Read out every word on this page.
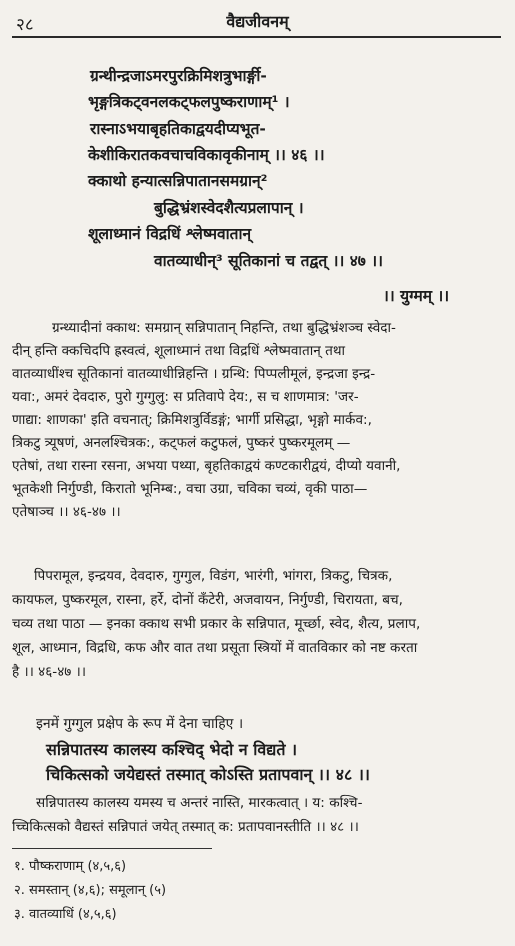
२८	वैद्यजीवनम्
ग्रन्थीन्द्रजाऽमरपुरक्रिमिशत्रुभार्ङ्गी-
भृङ्गत्रिकट्वनलकट्फलपुष्कराणाम्¹ ।
रास्नाऽभयाबृहतिकाद्वयदीप्यभूत-
केशीकिरातकवचाचविकावृकीनाम् ।। ४६ ।।
क्काथो हन्यात्सन्निपातानसमग्रान्²
बुद्धिभ्रंशस्वेदशैत्यप्रलापान् ।
शूलाध्मानं विद्रधिं श्लेष्मवातान्
वातव्याधीन्³ सूतिकानां च तद्वत् ।। ४७ ।।
।। युग्मम् ।।
ग्रन्थ्यादीनां क्काथ: समग्रान् सन्निपातान् निहन्ति, तथा बुद्धिभ्रंशञ्च स्वेदा-
दीन् हन्ति क्कचिदपि ह्रस्वत्वं, शूलाध्मानं तथा विद्रधिं श्लेष्मवातान् तथा
वातव्याधींश्च सूतिकानां वातव्याधीन्निहन्ति । ग्रन्थि: पिप्पलीमूलं, इन्द्रजा इन्द्र-
यवा:, अमरं देवदारु, पुरो गुग्गुलु: स प्रतिवापे देय:, स च शाणमात्र: 'जर-
णाद्या: शाणका' इति वचनात्; क्रिमिशत्रुर्विडङ्गं; भार्गी प्रसिद्धा, भृङ्गो मार्कव:,
त्रिकटु त्र्यूषणं, अनलश्चित्रक:, कट्फलं कटुफलं, पुष्करं पुष्करमूलम् —
एतेषां, तथा रास्ना रसना, अभया पथ्या, बृहतिकाद्वयं कण्टकारीद्वयं, दीप्यो यवानी,
भूतकेशी निर्गुण्डी, किरातो भूनिम्ब:, वचा उग्रा, चविका चव्यं, वृकी पाठा—
एतेषाञ्च ।। ४६-४७ ।।
पिपरामूल, इन्द्रयव, देवदारु, गुग्गुल, विडंग, भारंगी, भांगरा, त्रिकटु, चित्रक,
कायफल, पुष्करमूल, रास्ना, हर्रे, दोनों कँटेरी, अजवायन, निर्गुण्डी, चिरायता, बच,
चव्य तथा पाठा — इनका क्काथ सभी प्रकार के सन्निपात, मूर्च्छा, स्वेद, शैत्य, प्रलाप,
शूल, आध्मान, विद्रधि, कफ और वात तथा प्रसूता स्त्रियों में वातविकार को नष्ट करता
है ।। ४६-४७ ।।
इनमें गुग्गुल प्रक्षेप के रूप में देना चाहिए ।
सन्निपातस्य कालस्य कश्चिद् भेदो न विद्यते ।
चिकित्सको जयेद्यस्तं तस्मात् कोऽस्ति प्रतापवान् ।। ४८ ।।
सन्निपातस्य कालस्य यमस्य च अन्तरं नास्ति, मारकत्वात् । य: कश्चि-
च्चिकित्सको वैद्यस्तं सन्निपातं जयेत् तस्मात् क: प्रतापवानस्तीति ।। ४८ ।।
१. पौष्कराणाम् (४,५,६)
२. समस्तान् (४,६); समूलान् (५)
३. वातव्याधिं (४,५,६)
